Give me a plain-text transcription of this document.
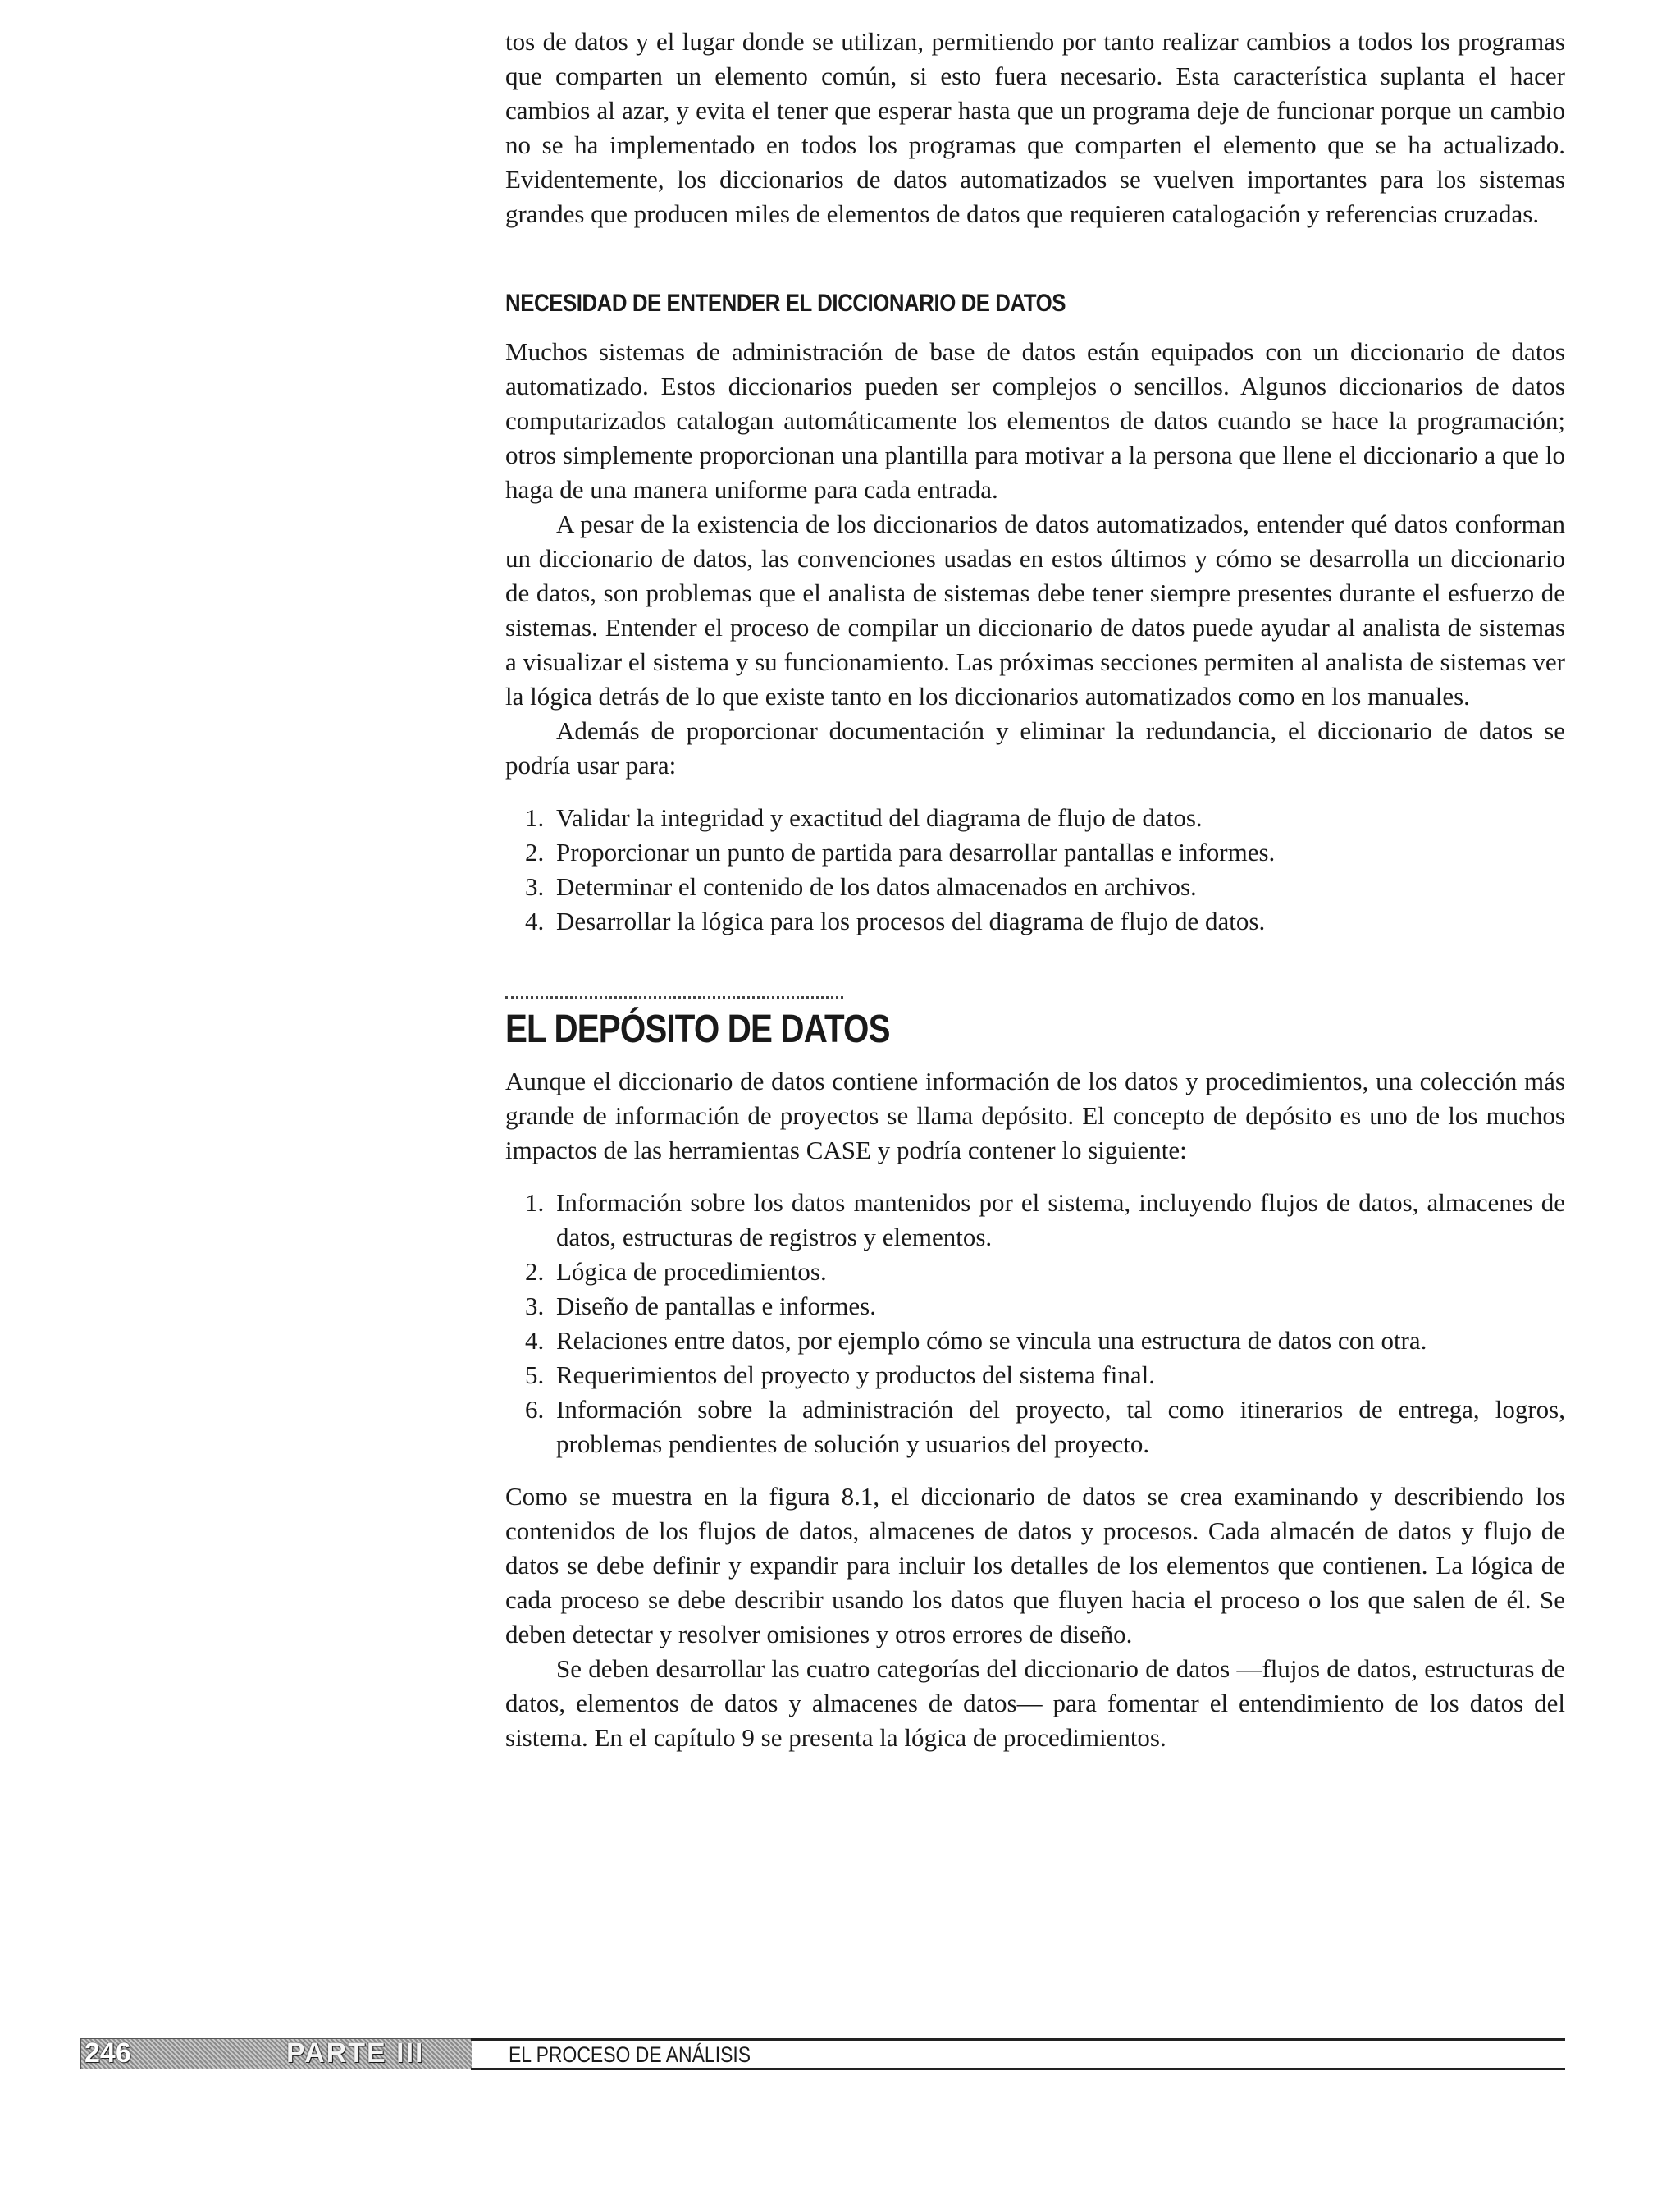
tos de datos y el lugar donde se utilizan, permitiendo por tanto realizar cambios a todos los programas que comparten un elemento común, si esto fuera necesario. Esta característica suplanta el hacer cambios al azar, y evita el tener que esperar hasta que un programa deje de funcionar porque un cambio no se ha implementado en todos los programas que comparten el elemento que se ha actualizado. Evidentemente, los diccionarios de datos automatizados se vuelven importantes para los sistemas grandes que producen miles de elementos de datos que requieren catalogación y referencias cruzadas.

NECESIDAD DE ENTENDER EL DICCIONARIO DE DATOS

Muchos sistemas de administración de base de datos están equipados con un diccionario de datos automatizado. Estos diccionarios pueden ser complejos o sencillos. Algunos diccionarios de datos computarizados catalogan automáticamente los elementos de datos cuando se hace la programación; otros simplemente proporcionan una plantilla para motivar a la persona que llene el diccionario a que lo haga de una manera uniforme para cada entrada.

A pesar de la existencia de los diccionarios de datos automatizados, entender qué datos conforman un diccionario de datos, las convenciones usadas en estos últimos y cómo se desarrolla un diccionario de datos, son problemas que el analista de sistemas debe tener siempre presentes durante el esfuerzo de sistemas. Entender el proceso de compilar un diccionario de datos puede ayudar al analista de sistemas a visualizar el sistema y su funcionamiento. Las próximas secciones permiten al analista de sistemas ver la lógica detrás de lo que existe tanto en los diccionarios automatizados como en los manuales.

Además de proporcionar documentación y eliminar la redundancia, el diccionario de datos se podría usar para:

1. Validar la integridad y exactitud del diagrama de flujo de datos.
2. Proporcionar un punto de partida para desarrollar pantallas e informes.
3. Determinar el contenido de los datos almacenados en archivos.
4. Desarrollar la lógica para los procesos del diagrama de flujo de datos.
EL DEPÓSITO DE DATOS

Aunque el diccionario de datos contiene información de los datos y procedimientos, una colección más grande de información de proyectos se llama depósito. El concepto de depósito es uno de los muchos impactos de las herramientas CASE y podría contener lo siguiente:

1. Información sobre los datos mantenidos por el sistema, incluyendo flujos de datos, almacenes de datos, estructuras de registros y elementos.
2. Lógica de procedimientos.
3. Diseño de pantallas e informes.
4. Relaciones entre datos, por ejemplo cómo se vincula una estructura de datos con otra.
5. Requerimientos del proyecto y productos del sistema final.
6. Información sobre la administración del proyecto, tal como itinerarios de entrega, logros, problemas pendientes de solución y usuarios del proyecto.

Como se muestra en la figura 8.1, el diccionario de datos se crea examinando y describiendo los contenidos de los flujos de datos, almacenes de datos y procesos. Cada almacén de datos y flujo de datos se debe definir y expandir para incluir los detalles de los elementos que contienen. La lógica de cada proceso se debe describir usando los datos que fluyen hacia el proceso o los que salen de él. Se deben detectar y resolver omisiones y otros errores de diseño.

Se deben desarrollar las cuatro categorías del diccionario de datos —flujos de datos, estructuras de datos, elementos de datos y almacenes de datos— para fomentar el entendimiento de los datos del sistema. En el capítulo 9 se presenta la lógica de procedimientos.

246	PARTE III	EL PROCESO DE ANÁLISIS
